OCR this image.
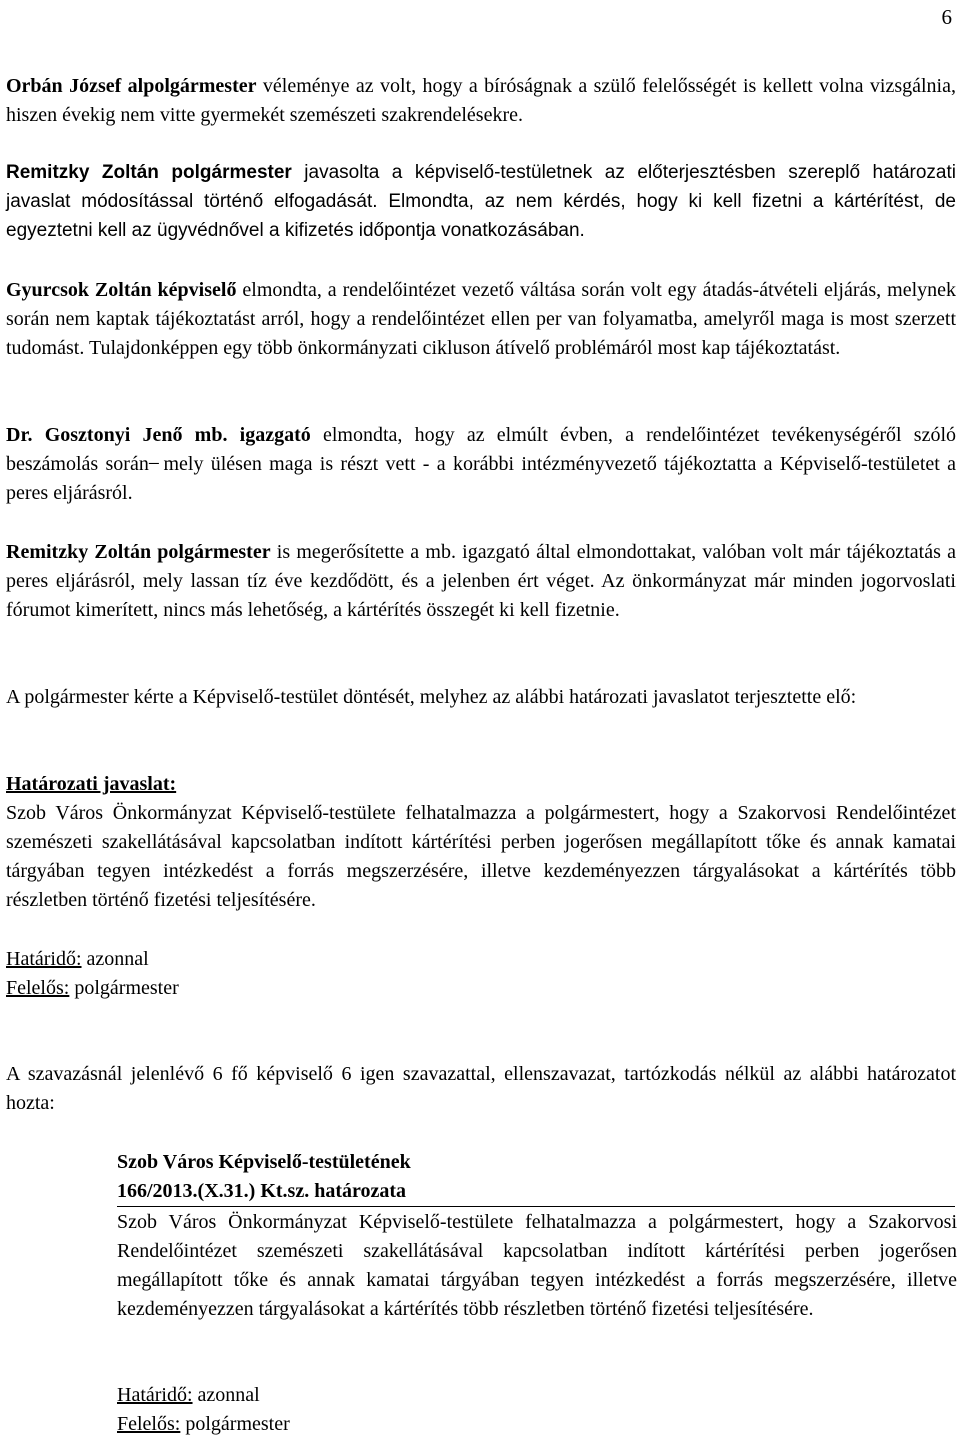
6

Orbán József alpolgármester véleménye az volt, hogy a bíróságnak a szülő felelősségét is kellett volna vizsgálnia, hiszen évekig nem vitte gyermekét szemészeti szakrendelésekre.

Remitzky Zoltán polgármester javasolta a képviselő-testületnek az előterjesztésben szereplő határozati javaslat módosítással történő elfogadását. Elmondta, az nem kérdés, hogy ki kell fizetni a kártérítést, de egyeztetni kell az ügyvédnővel a kifizetés időpontja vonatkozásában.

Gyurcsok Zoltán képviselő elmondta, a rendelőintézet vezető váltása során volt egy átadás-átvételi eljárás, melynek során nem kaptak tájékoztatást arról, hogy a rendelőintézet ellen per van folyamatba, amelyről maga is most szerzett tudomást. Tulajdonképpen egy több önkormányzati cikluson átívelő problémáról most kap tájékoztatást.

Dr. Gosztonyi Jenő mb. igazgató elmondta, hogy az elmúlt évben, a rendelőintézet tevékenységéről szóló beszámolás során ̶ mely ülésen maga is részt vett - a korábbi intézményvezető tájékoztatta a Képviselő-testületet a peres eljárásról.

Remitzky Zoltán polgármester is megerősítette a mb. igazgató által elmondottakat, valóban volt már tájékoztatás a peres eljárásról, mely lassan tíz éve kezdődött, és a jelenben ért véget. Az önkormányzat már minden jogorvoslati fórumot kimerített, nincs más lehetőség, a kártérítés összegét ki kell fizetnie.

A polgármester kérte a Képviselő-testület döntését, melyhez az alábbi határozati javaslatot terjesztette elő:

Határozati javaslat:

Szob Város Önkormányzat Képviselő-testülete felhatalmazza a polgármestert, hogy a Szakorvosi Rendelőintézet szemészeti szakellátásával kapcsolatban indított kártérítési perben jogerősen megállapított tőke és annak kamatai tárgyában tegyen intézkedést a forrás megszerzésére, illetve kezdeményezzen tárgyalásokat a kártérítés több részletben történő fizetési teljesítésére.

Határidő: azonnal

Felelős: polgármester

A szavazásnál jelenlévő 6 fő képviselő 6 igen szavazattal, ellenszavazat, tartózkodás nélkül az alábbi határozatot hozta:

Szob Város Képviselő-testületének

166/2013.(X.31.) Kt.sz. határozata

Szob Város Önkormányzat Képviselő-testülete felhatalmazza a polgármestert, hogy a Szakorvosi Rendelőintézet szemészeti szakellátásával kapcsolatban indított kártérítési perben jogerősen megállapított tőke és annak kamatai tárgyában tegyen intézkedést a forrás megszerzésére, illetve kezdeményezzen tárgyalásokat a kártérítés több részletben történő fizetési teljesítésére.

Határidő: azonnal

Felelős: polgármester
